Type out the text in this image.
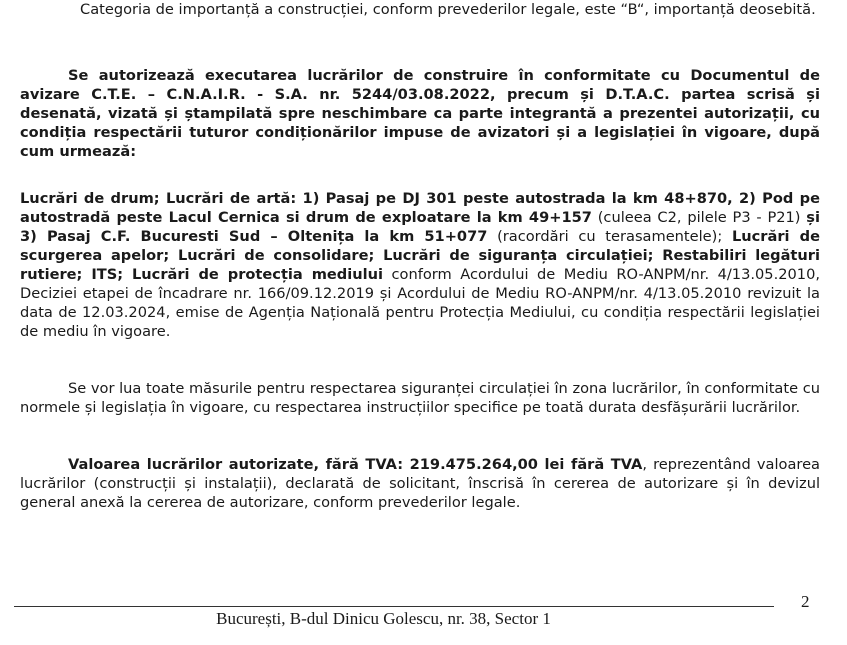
Categoria de importanță a construcției, conform prevederilor legale, este “B“, importanță deosebită.

Se autorizează executarea lucrărilor de construire în conformitate cu Documentul de avizare C.T.E. – C.N.A.I.R. - S.A. nr. 5244/03.08.2022, precum și D.T.A.C. partea scrisă și desenată, vizată și ștampilată spre neschimbare ca parte integrantă a prezentei autorizații, cu condiția respectării tuturor condiționărilor impuse de avizatori și a legislației în vigoare, după cum urmează:

Lucrări de drum; Lucrări de artă: 1) Pasaj pe DJ 301 peste autostrada la km 48+870, 2) Pod pe autostradă peste Lacul Cernica si drum de exploatare la km 49+157 (culeea C2, pilele P3 - P21) și 3) Pasaj C.F. Bucuresti Sud – Oltenița la km 51+077 (racordări cu terasamentele); Lucrări de scurgerea apelor; Lucrări de consolidare; Lucrări de siguranța circulației; Restabiliri legături rutiere; ITS; Lucrări de protecția mediului conform Acordului de Mediu RO-ANPM/nr. 4/13.05.2010, Deciziei etapei de încadrare nr. 166/09.12.2019 și Acordului de Mediu RO-ANPM/nr. 4/13.05.2010 revizuit la data de 12.03.2024, emise de Agenția Națională pentru Protecția Mediului, cu condiția respectării legislației de mediu în vigoare.

Se vor lua toate măsurile pentru respectarea siguranței circulației în zona lucrărilor, în conformitate cu normele și legislația în vigoare, cu respectarea instrucțiilor specifice pe toată durata desfășurării lucrărilor.

Valoarea lucrărilor autorizate, fără TVA: 219.475.264,00 lei fără TVA, reprezentând valoarea lucrărilor (construcții și instalații), declarată de solicitant, înscrisă în cererea de autorizare și în devizul general anexă la cererea de autorizare, conform prevederilor legale.

2
București, B-dul Dinicu Golescu, nr. 38, Sector 1
